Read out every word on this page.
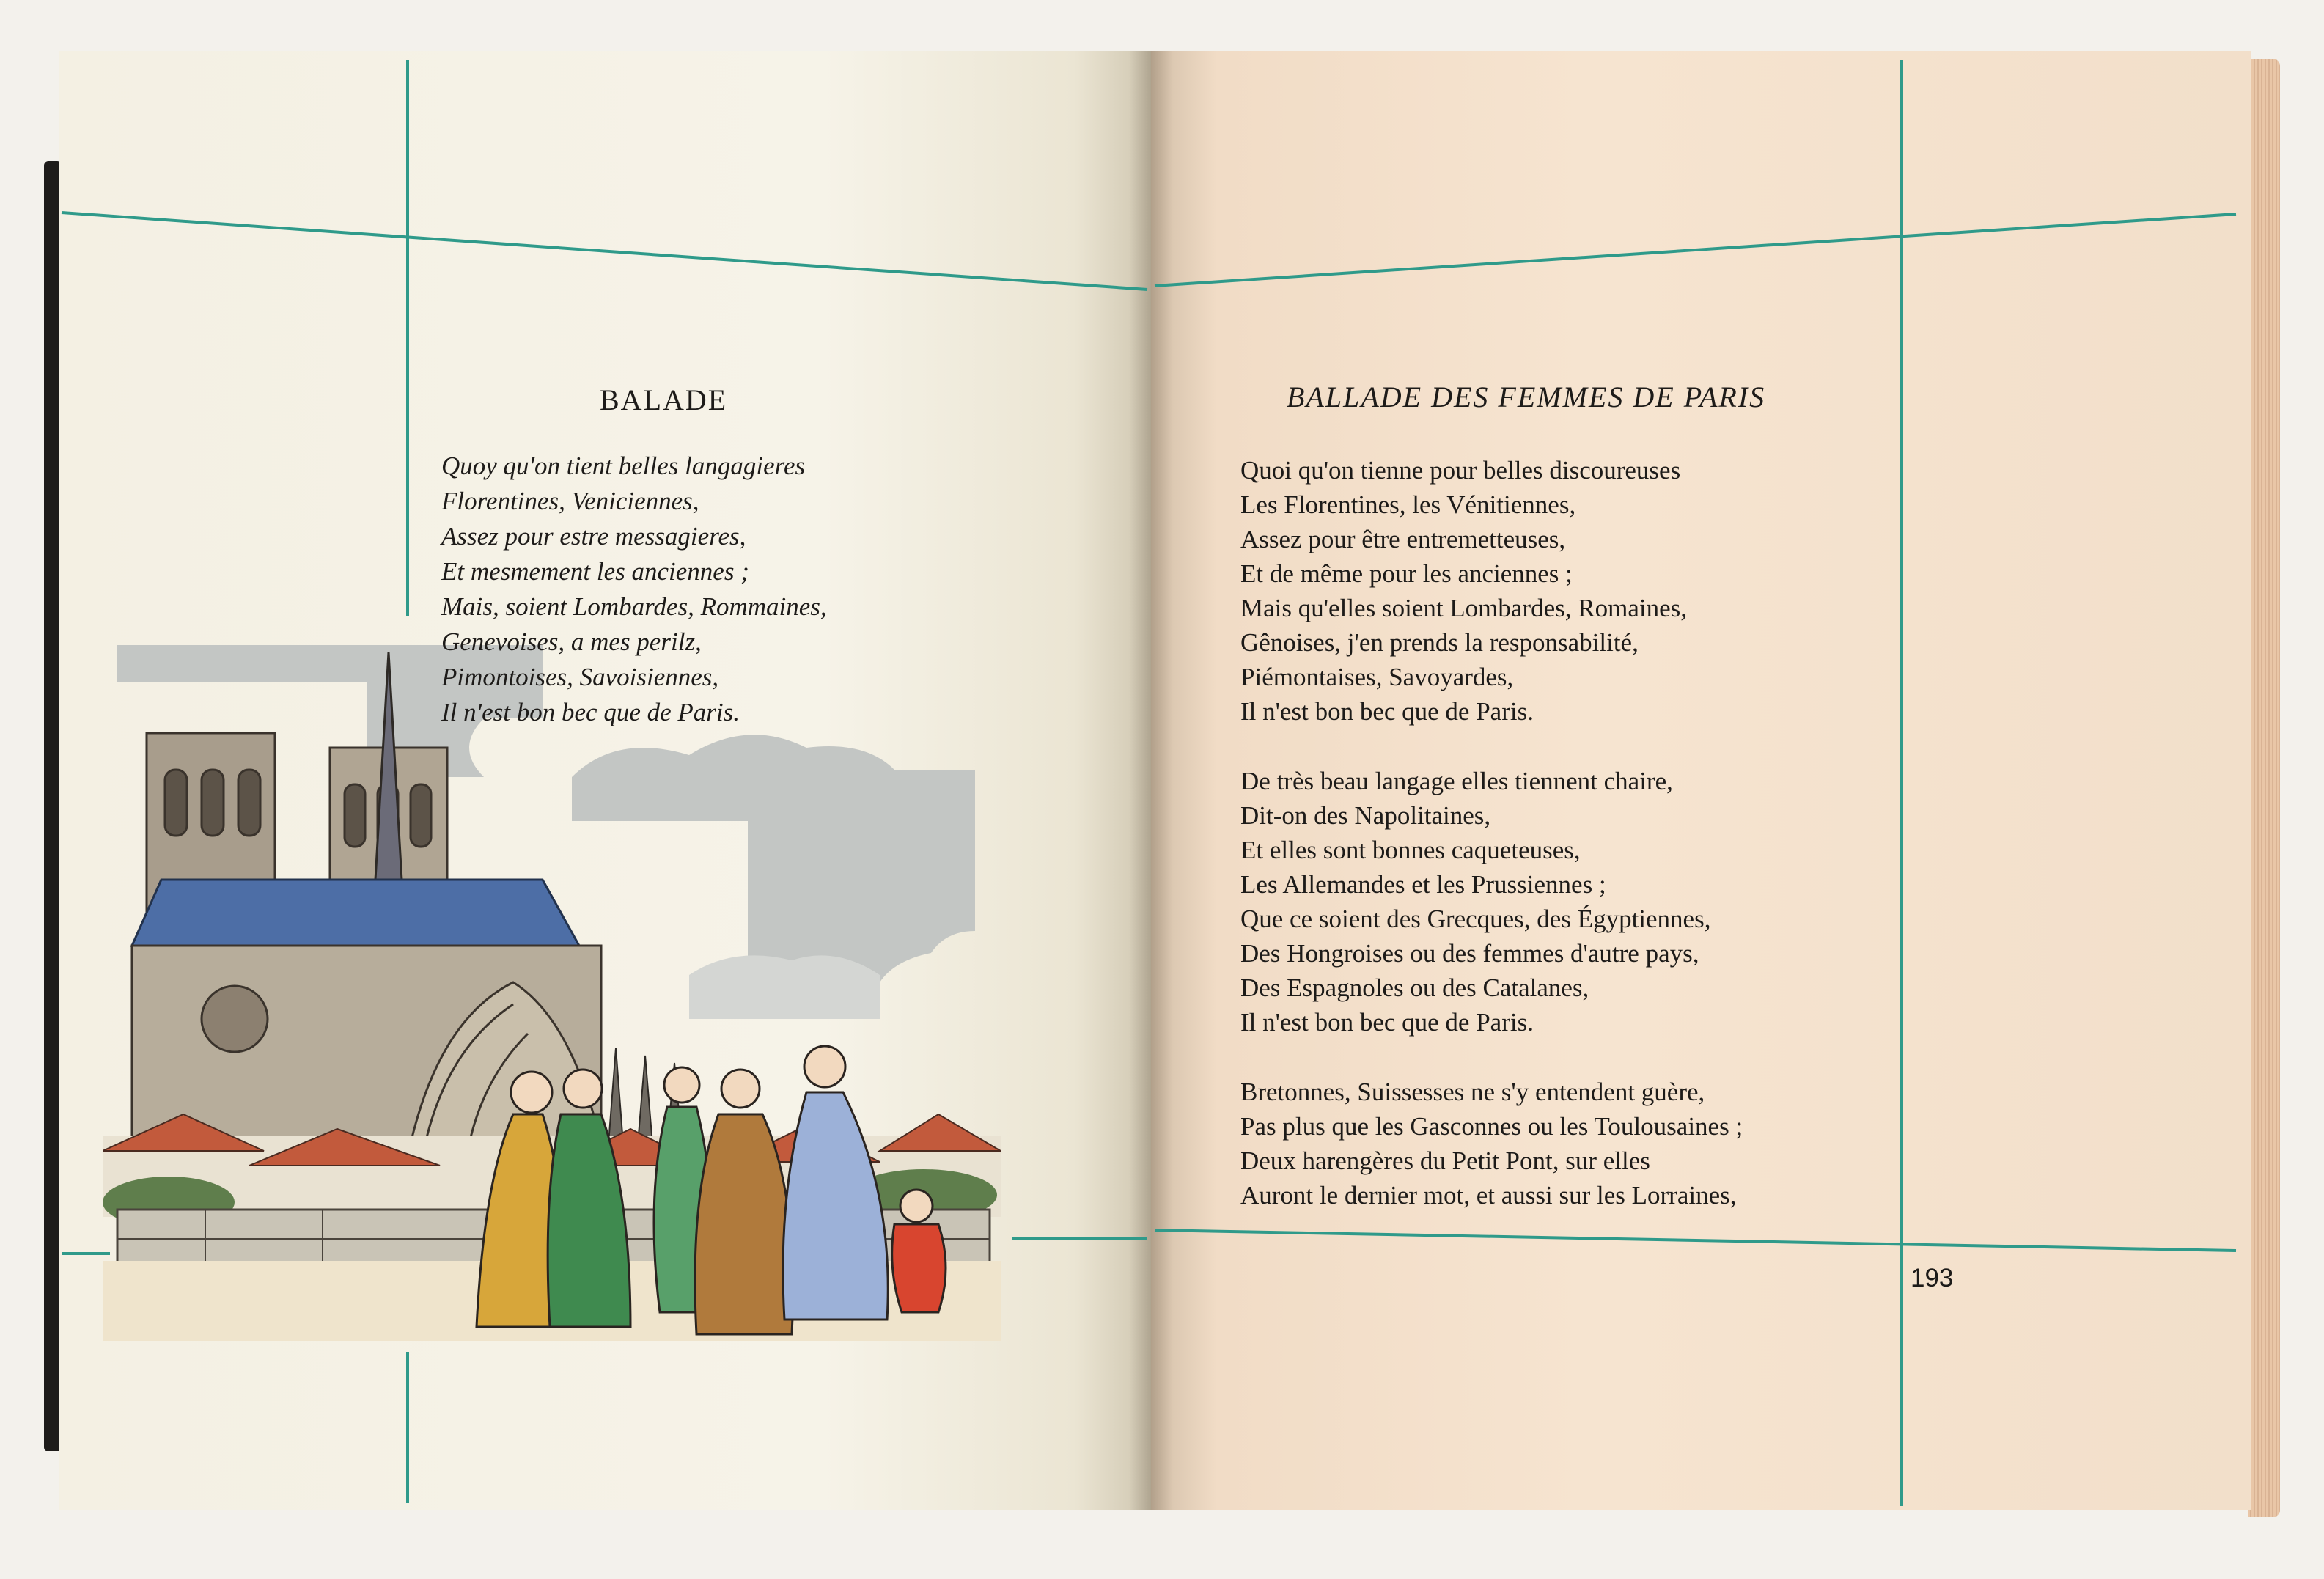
BALADE

Quoy qu'on tient belles langagieres
Florentines, Veniciennes,
Assez pour estre messagieres,
Et mesmement les anciennes ;
Mais, soient Lombardes, Rommaines,
Genevoises, a mes perilz,
Pimontoises, Savoisiennes,
Il n'est bon bec que de Paris.

BALLADE DES FEMMES DE PARIS

Quoi qu'on tienne pour belles discoureuses
Les Florentines, les Vénitiennes,
Assez pour être entremetteuses,
Et de même pour les anciennes ;
Mais qu'elles soient Lombardes, Romaines,
Gênoises, j'en prends la responsabilité,
Piémontaises, Savoyardes,
Il n'est bon bec que de Paris.

De très beau langage elles tiennent chaire,
Dit-on des Napolitaines,
Et elles sont bonnes caqueteuses,
Les Allemandes et les Prussiennes ;
Que ce soient des Grecques, des Égyptiennes,
Des Hongroises ou des femmes d'autre pays,
Des Espagnoles ou des Catalanes,
Il n'est bon bec que de Paris.

Bretonnes, Suissesses ne s'y entendent guère,
Pas plus que les Gasconnes ou les Toulousaines ;
Deux harengères du Petit Pont, sur elles
Auront le dernier mot, et aussi sur les Lorraines,

193
